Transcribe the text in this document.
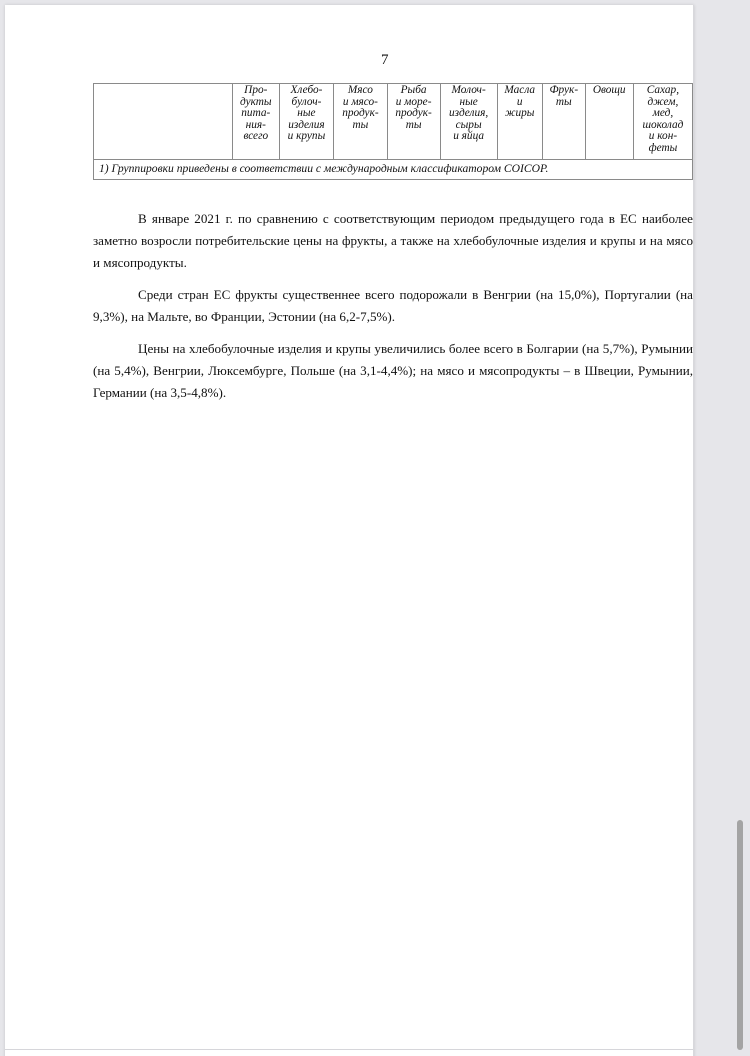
7
	Про-
дукты
пита-
ния-
всего	Хлебо-
булоч-
ные
изделия
и крупы	Мясо
и мясо-
продук-
ты	Рыба
и море-
продук-
ты	Молоч-
ные
изделия,
сыры
и яйца	Масла
и
жиры	Фрук-
ты	Овощи	Сахар,
джем,
мед,
шоколад
и кон-
феты
1) Группировки приведены в соответствии с международным классификатором COICOP.

В январе 2021 г. по сравнению с соответствующим периодом предыдущего года в ЕС наиболее заметно возросли потребительские цены на фрукты, а также на хлебобулочные изделия и крупы и на мясо и мясопродукты.

Среди стран ЕС фрукты существеннее всего подорожали в Венгрии (на 15,0%), Португалии (на 9,3%), на Мальте, во Франции, Эстонии (на 6,2-7,5%).

Цены на хлебобулочные изделия и крупы увеличились более всего в Болгарии (на 5,7%), Румынии (на 5,4%), Венгрии, Люксембурге, Польше (на 3,1-4,4%); на мясо и мясопродукты – в Швеции, Румынии, Германии (на 3,5-4,8%).
